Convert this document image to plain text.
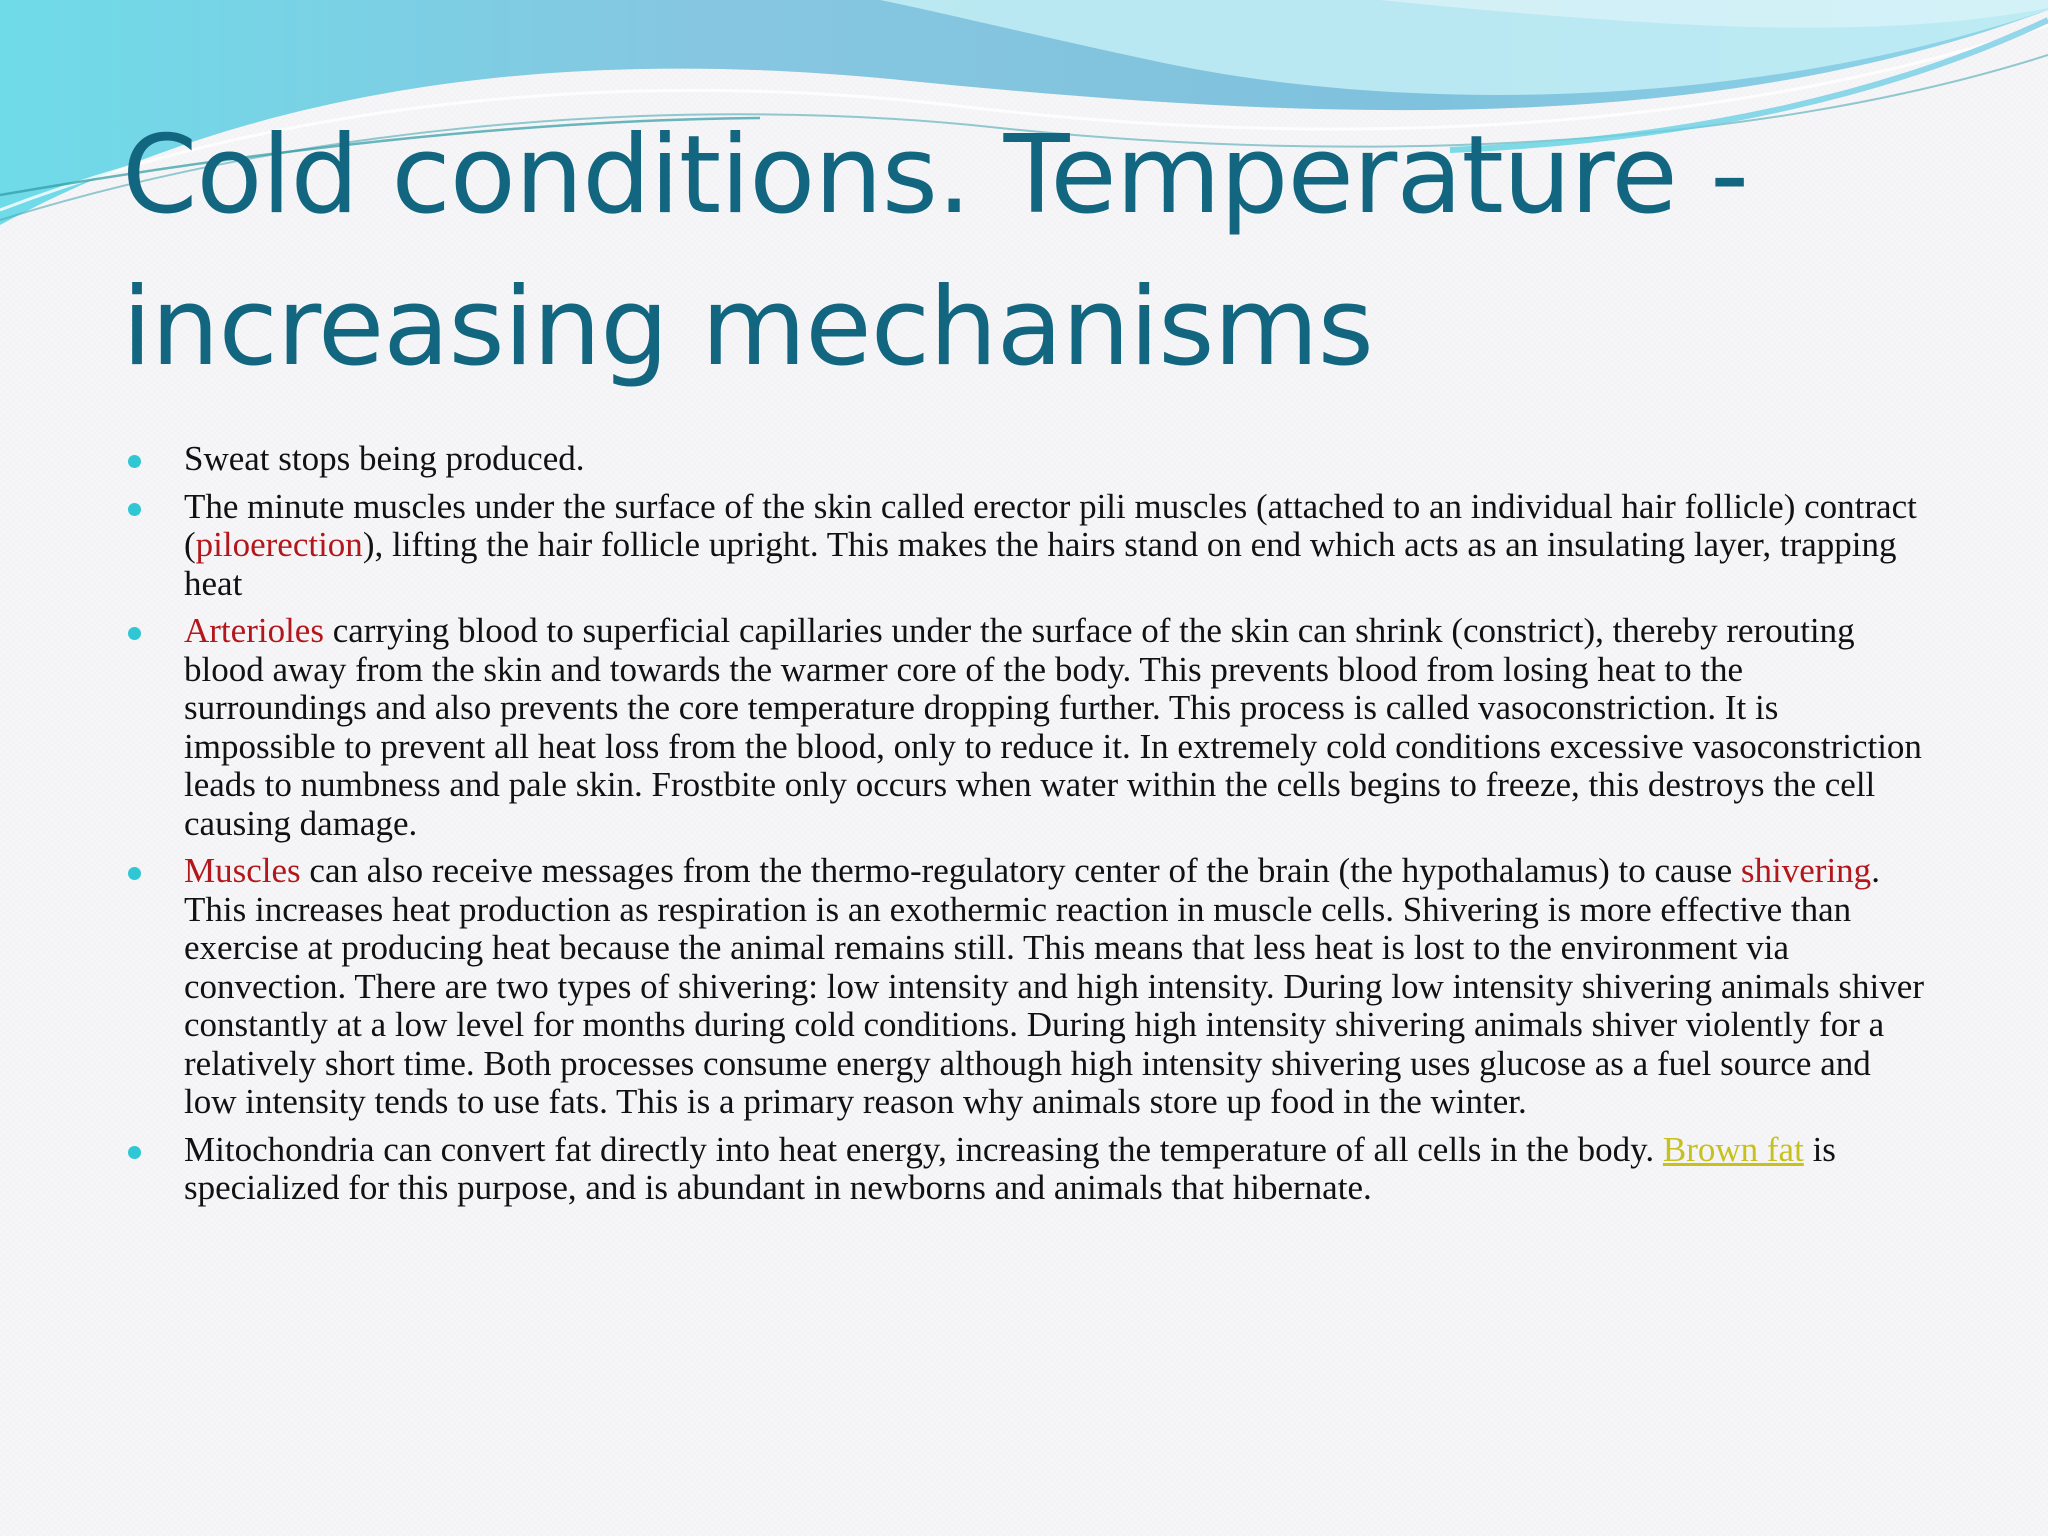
Cold conditions. Temperature -increasing mechanisms
Sweat stops being produced.
The minute muscles under the surface of the skin called erector pili muscles (attached to an individual hair follicle) contract (piloerection), lifting the hair follicle upright. This makes the hairs stand on end which acts as an insulating layer, trapping heat
Arterioles carrying blood to superficial capillaries under the surface of the skin can shrink (constrict), thereby rerouting blood away from the skin and towards the warmer core of the body. This prevents blood from losing heat to the surroundings and also prevents the core temperature dropping further. This process is called vasoconstriction. It is impossible to prevent all heat loss from the blood, only to reduce it. In extremely cold conditions excessive vasoconstriction leads to numbness and pale skin. Frostbite only occurs when water within the cells begins to freeze, this destroys the cell causing damage.
Muscles can also receive messages from the thermo-regulatory center of the brain (the hypothalamus) to cause shivering. This increases heat production as respiration is an exothermic reaction in muscle cells. Shivering is more effective than exercise at producing heat because the animal remains still. This means that less heat is lost to the environment via convection. There are two types of shivering: low intensity and high intensity. During low intensity shivering animals shiver constantly at a low level for months during cold conditions. During high intensity shivering animals shiver violently for a relatively short time. Both processes consume energy although high intensity shivering uses glucose as a fuel source and low intensity tends to use fats. This is a primary reason why animals store up food in the winter.
Mitochondria can convert fat directly into heat energy, increasing the temperature of all cells in the body. Brown fat is specialized for this purpose, and is abundant in newborns and animals that hibernate.
